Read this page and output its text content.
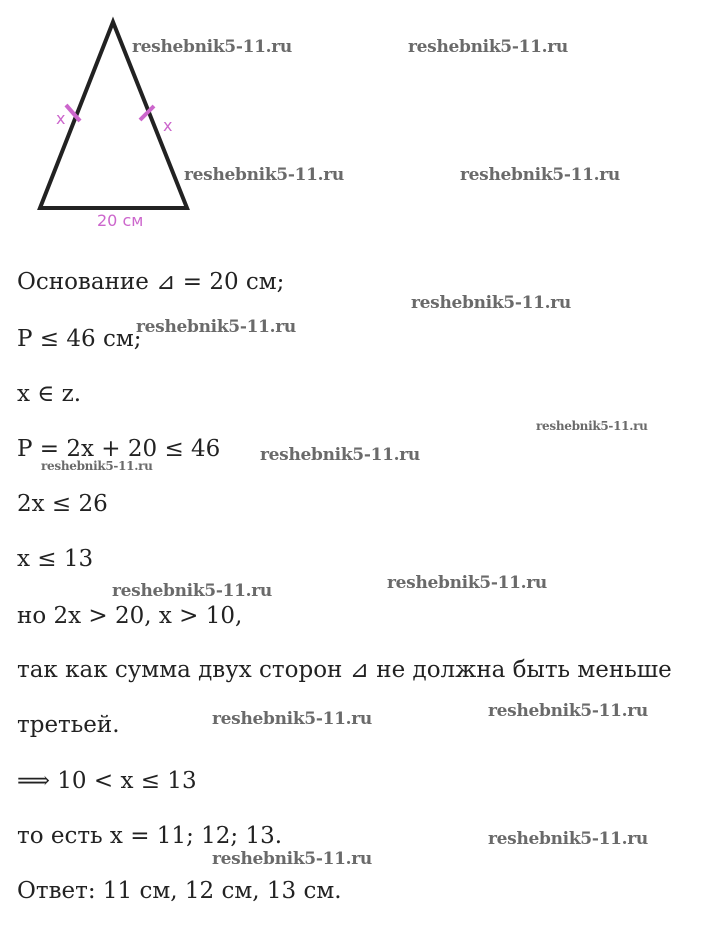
x	x
20 см

Основание ⊿ = 20 см;

P ≤ 46 см;

x ∈ z.

P = 2x + 20 ≤ 46

2x ≤ 26

x ≤ 13

но 2x > 20, x > 10,

так как сумма двух сторон ⊿ не должна быть меньше

третьей.

⟹ 10 < x ≤ 13

то есть x = 11; 12; 13.

Ответ: 11 см, 12 см, 13 см.

reshebnik5-11.ru	reshebnik5-11.ru
reshebnik5-11.ru	reshebnik5-11.ru
reshebnik5-11.ru
reshebnik5-11.ru
reshebnik5-11.ru
reshebnik5-11.ru
reshebnik5-11.ru
reshebnik5-11.ru
reshebnik5-11.ru
reshebnik5-11.ru
reshebnik5-11.ru
reshebnik5-11.ru
reshebnik5-11.ru
